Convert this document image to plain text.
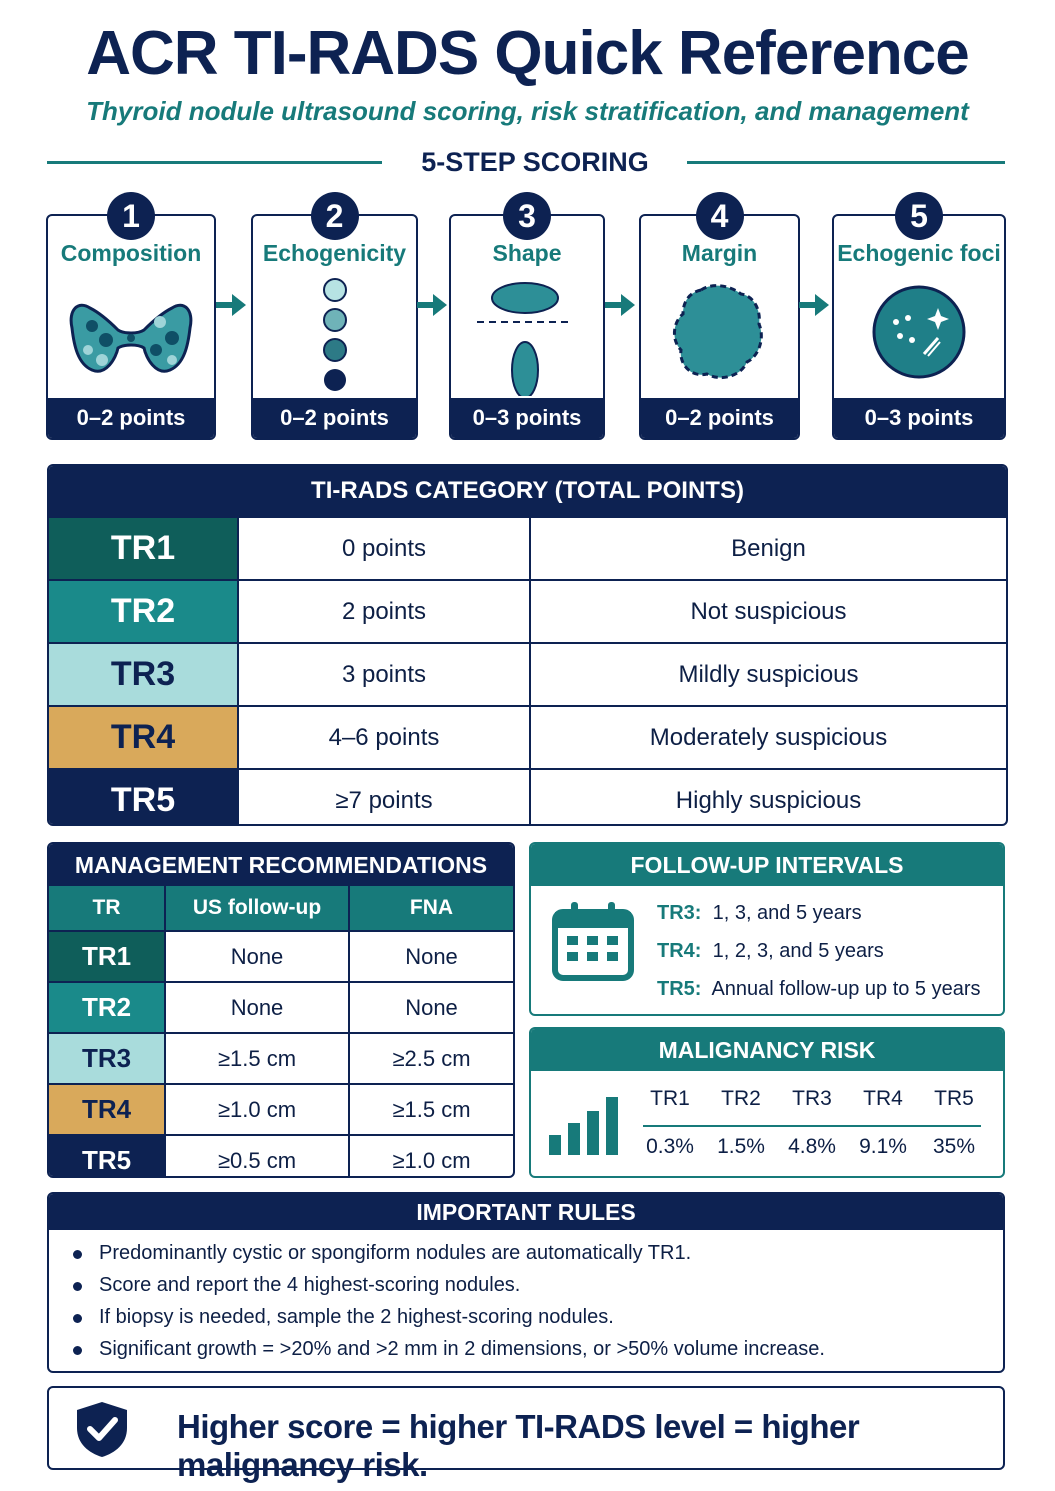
ACR TI-RADS Quick Reference
Thyroid nodule ultrasound scoring, risk stratification, and management
5-STEP SCORING
1
Composition
0–2 points
2
Echogenicity
0–2 points
3
Shape
0–3 points
4
Margin
0–2 points
5
Echogenic foci
0–3 points
TI-RADS CATEGORY (TOTAL POINTS)
TR1	0 points	Benign
TR2	2 points	Not suspicious
TR3	3 points	Mildly suspicious
TR4	4–6 points	Moderately suspicious
TR5	≥7 points	Highly suspicious
MANAGEMENT RECOMMENDATIONS
TR	US follow-up	FNA
TR1	None	None
TR2	None	None
TR3	≥1.5 cm	≥2.5 cm
TR4	≥1.0 cm	≥1.5 cm
TR5	≥0.5 cm	≥1.0 cm
FOLLOW-UP INTERVALS
TR3: 1, 3, and 5 years
TR4: 1, 2, 3, and 5 years
TR5: Annual follow-up up to 5 years
MALIGNANCY RISK
TR1	TR2	TR3	TR4	TR5
0.3%	1.5%	4.8%	9.1%	35%
IMPORTANT RULES
Predominantly cystic or spongiform nodules are automatically TR1.
Score and report the 4 highest-scoring nodules.
If biopsy is needed, sample the 2 highest-scoring nodules.
Significant growth = >20% and >2 mm in 2 dimensions, or >50% volume increase.
Higher score = higher TI-RADS level = higher malignancy risk.
